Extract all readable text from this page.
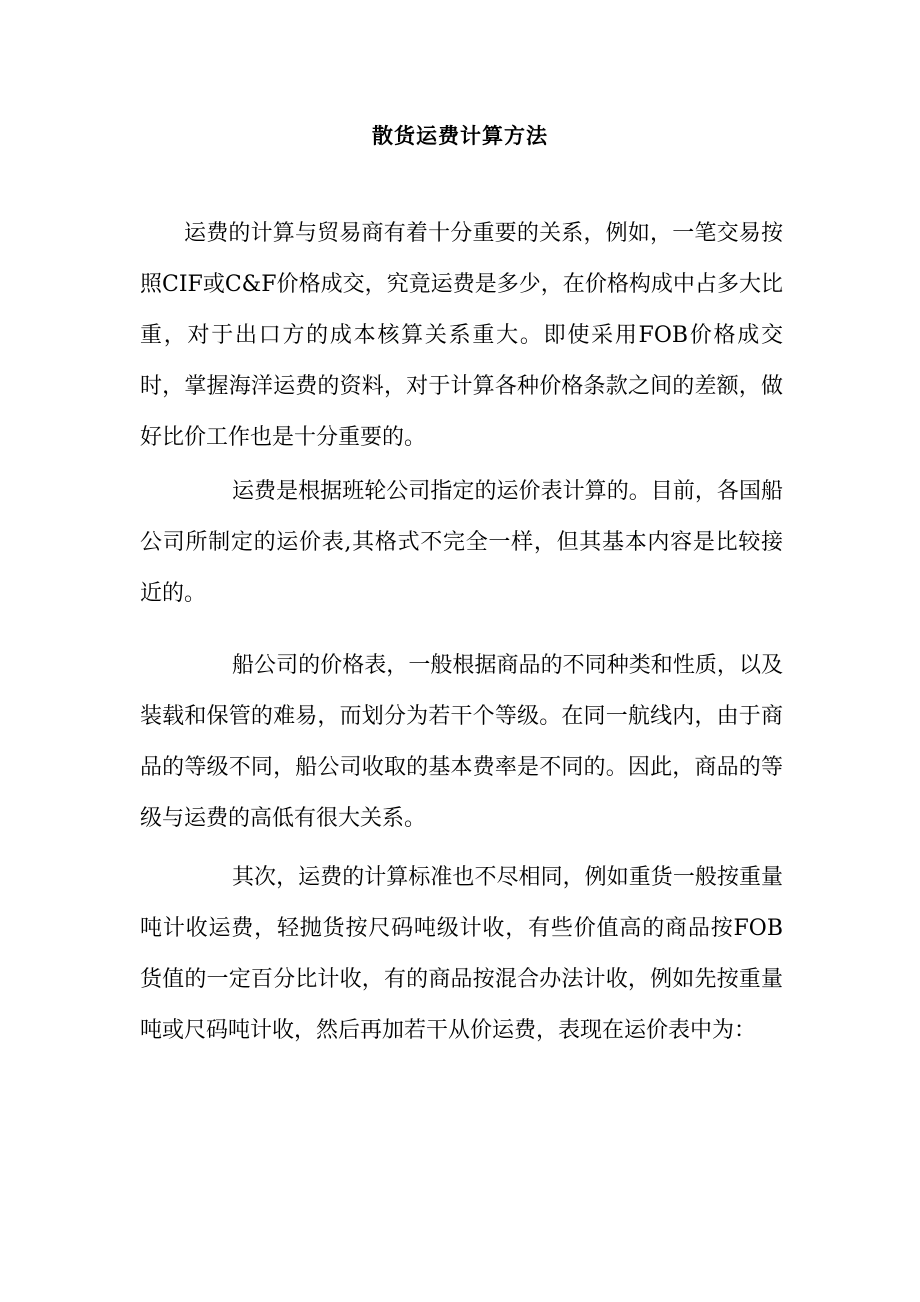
散货运费计算方法

运费的计算与贸易商有着十分重要的关系，例如，一笔交易按照CIF或C&F价格成交，究竟运费是多少，在价格构成中占多大比重，对于出口方的成本核算关系重大。即使采用FOB价格成交时，掌握海洋运费的资料，对于计算各种价格条款之间的差额，做好比价工作也是十分重要的。

运费是根据班轮公司指定的运价表计算的。目前，各国船公司所制定的运价表,其格式不完全一样，但其基本内容是比较接近的。

船公司的价格表，一般根据商品的不同种类和性质，以及装载和保管的难易，而划分为若干个等级。在同一航线内，由于商品的等级不同，船公司收取的基本费率是不同的。因此，商品的等级与运费的高低有很大关系。

其次，运费的计算标准也不尽相同，例如重货一般按重量吨计收运费，轻抛货按尺码吨级计收，有些价值高的商品按FOB货值的一定百分比计收，有的商品按混合办法计收，例如先按重量吨或尺码吨计收，然后再加若干从价运费，表现在运价表中为：
